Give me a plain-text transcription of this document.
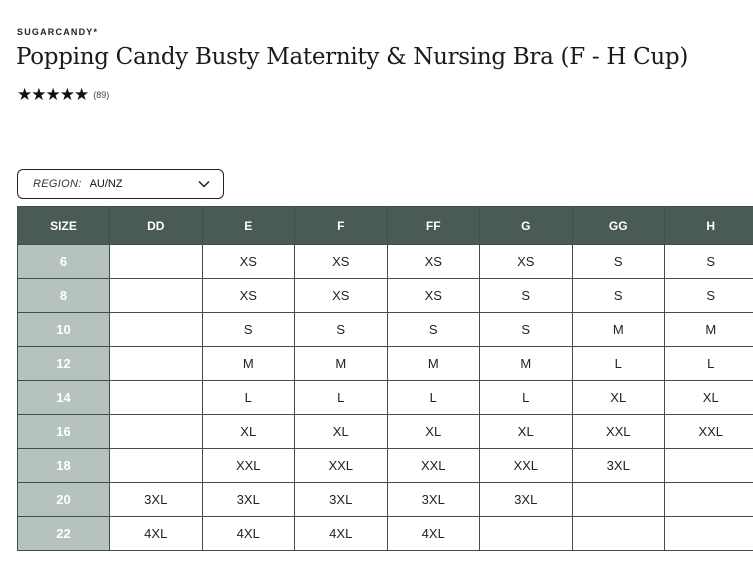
SUGARCANDY*
Popping Candy Busty Maternity & Nursing Bra (F - H Cup)
★★★★★ (89)
REGION: AU/NZ
SIZE	DD	E	F	FF	G	GG	H
6		XS	XS	XS	XS	S	S
8		XS	XS	XS	S	S	S
10		S	S	S	S	M	M
12		M	M	M	M	L	L
14		L	L	L	L	XL	XL
16		XL	XL	XL	XL	XXL	XXL
18		XXL	XXL	XXL	XXL	3XL	
20	3XL	3XL	3XL	3XL	3XL		
22	4XL	4XL	4XL	4XL			
